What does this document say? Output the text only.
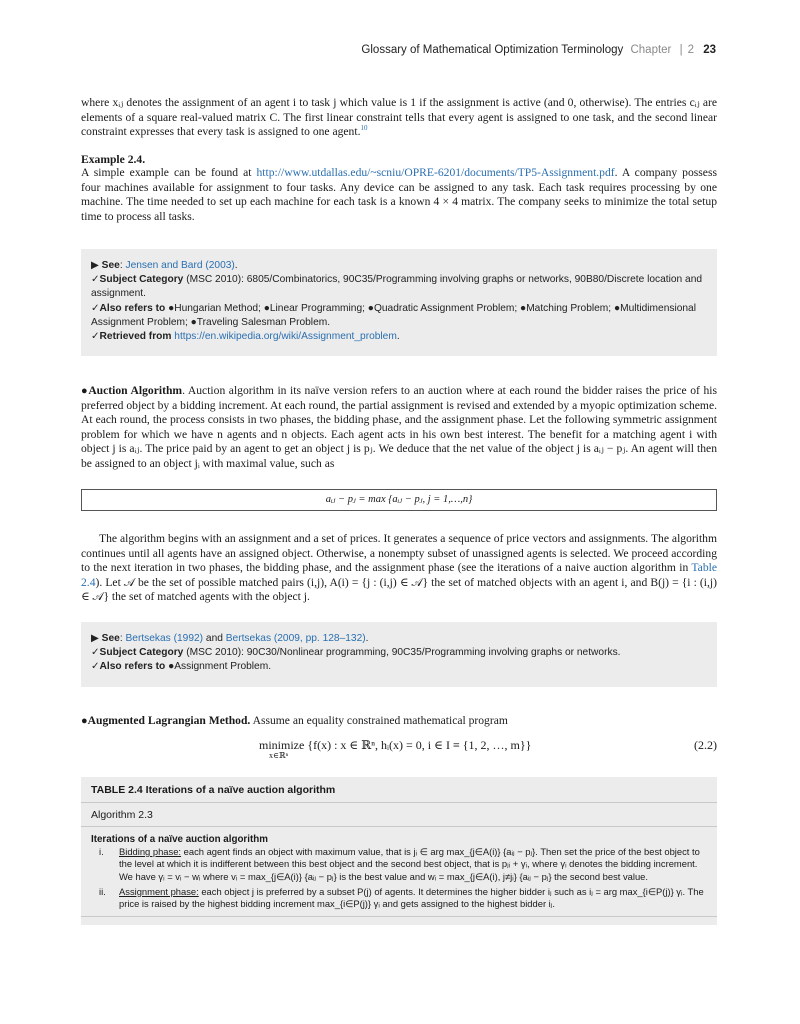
Glossary of Mathematical Optimization Terminology Chapter | 2 23

where xᵢⱼ denotes the assignment of an agent i to task j which value is 1 if the assignment is active (and 0, otherwise). The entries cᵢⱼ are elements of a square real-valued matrix C. The first linear constraint tells that every agent is assigned to one task, and the second linear constraint expresses that every task is assigned to one agent.$^{10}$

Example 2.4.

A simple example can be found at http://www.utdallas.edu/~scniu/OPRE-6201/documents/TP5-Assignment.pdf. A company possess four machines available for assignment to four tasks. Any device can be assigned to any task. Each task requires processing by one machine. The time needed to set up each machine for each task is a known 4 × 4 matrix. The company seeks to minimize the total setup time to process all tasks.

▶ See: Jensen and Bard (2003).
✓Subject Category (MSC 2010): 6805/Combinatorics, 90C35/Programming involving graphs or networks, 90B80/Discrete location and assignment.
✓Also refers to ●Hungarian Method; ●Linear Programming; ●Quadratic Assignment Problem; ●Matching Problem; ●Multidimensional Assignment Problem; ●Traveling Salesman Problem.
✓Retrieved from https://en.wikipedia.org/wiki/Assignment_problem.

●Auction Algorithm. Auction algorithm in its naïve version refers to an auction where at each round the bidder raises the price of his preferred object by a bidding increment. At each round, the partial assignment is revised and extended by a myopic optimization scheme. At each round, the process consists in two phases, the bidding phase, and the assignment phase. Let the following symmetric assignment problem for which we have n agents and n objects. Each agent acts in his own best interest. The benefit for a matching agent i with object j is aᵢⱼ. The price paid by an agent to get an object j is pⱼ. We deduce that the net value of the object j is aᵢⱼ − pⱼ. An agent will then be assigned to an object jᵢ with maximal value, such as

aᵢⱼ − pⱼ = max {aᵢⱼ − pⱼ, j = 1,…,n}

The algorithm begins with an assignment and a set of prices. It generates a sequence of price vectors and assignments. The algorithm continues until all agents have an assigned object. Otherwise, a nonempty subset of unassigned agents is selected. We proceed according to the next iteration in two phases, the bidding phase, and the assignment phase (see the iterations of a naive auction algorithm in Table 2.4). Let 𝒜 be the set of possible matched pairs (i,j), A(i) = {j : (i,j) ∈ 𝒜} the set of matched objects with an agent i, and B(j) = {i : (i,j) ∈ 𝒜} the set of matched agents with the object j.

▶ See: Bertsekas (1992) and Bertsekas (2009, pp. 128–132).
✓Subject Category (MSC 2010): 90C30/Nonlinear programming, 90C35/Programming involving graphs or networks.
✓Also refers to ●Assignment Problem.

●Augmented Lagrangian Method. Assume an equality constrained mathematical program

minimize {f(x) : x ∈ ℝⁿ, hᵢ(x) = 0, i ∈ I ≡ {1, 2, …, m}}
x∈ℝⁿ
(2.2)
TABLE 2.4 Iterations of a naïve auction algorithm
Algorithm 2.3
Iterations of a naïve auction algorithm
i. Bidding phase: each agent finds an object with maximum value, that is jᵢ ∈ arg max_{j∈A(i)} {aᵢⱼ − pⱼ}. Then set the price of the best object to the level at which it is indifferent between this best object and the second best object, that is pⱼᵢ + γᵢ, where γᵢ denotes the bidding increment. We have γᵢ = vᵢ − wᵢ where vᵢ = max_{j∈A(i)} {aᵢⱼ − pⱼ} is the best value and wᵢ = max_{j∈A(i), j≠jᵢ} {aᵢⱼ − pⱼ} the second best value.
ii. Assignment phase: each object j is preferred by a subset P(j) of agents. It determines the higher bidder iⱼ such as iⱼ = arg max_{i∈P(j)} γᵢ. The price is raised by the highest bidding increment max_{i∈P(j)} γᵢ and gets assigned to the highest bidder iⱼ.
